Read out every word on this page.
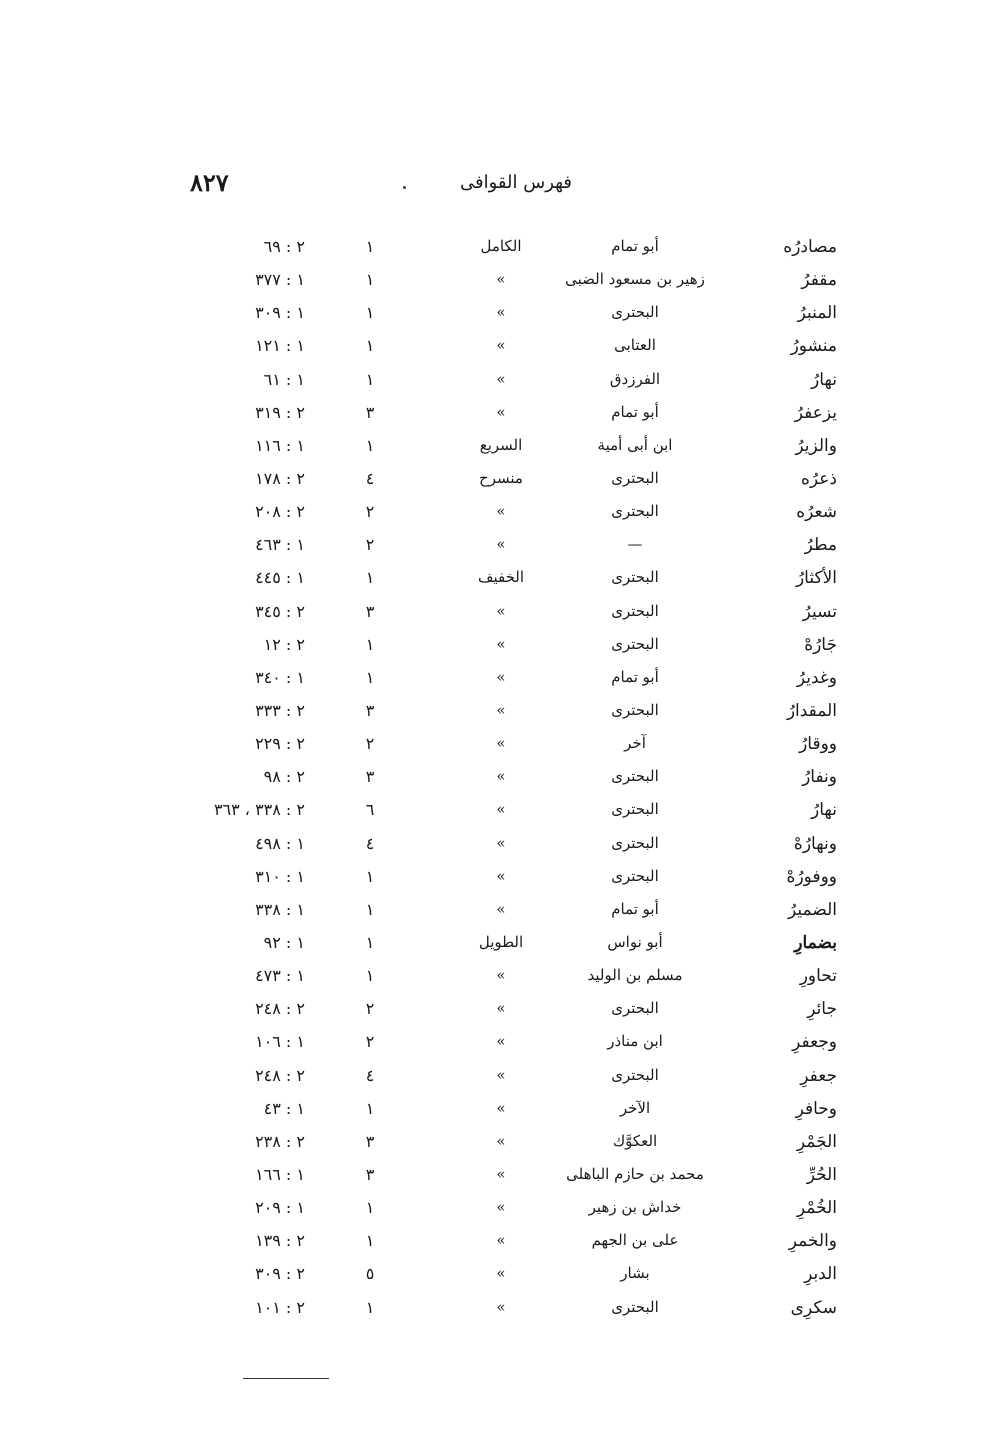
٨٢٧	فهرس القوافى
مصادرُه
أبو تمام
الكامل
١
٢ : ٦٩
مقفرُ
زهير بن مسعود الضبى
»
١
١ : ٣٧٧
المنبرُ
البحترى
»
١
١ : ٣٠٩
منشورُ
العتابى
»
١
١ : ١٢١
نهارُ
الفرزدق
»
١
١ : ٦١
يزعفرُ
أبو تمام
»
٣
٢ : ٣١٩
والزيرُ
ابن أبى أمية
السريع
١
١ : ١١٦
ذعرُه
البحترى
منسرح
٤
٢ : ١٧٨
شعرُه
البحترى
»
٢
٢ : ٢٠٨
مطرُ
—
»
٢
١ : ٤٦٣
الأكثارُ
البحترى
الخفيف
١
١ : ٤٤٥
تسيرُ
البحترى
»
٣
٢ : ٣٤٥
جَارُهْ
البحترى
»
١
٢ : ١٢
وغديرُ
أبو تمام
»
١
١ : ٣٤٠
المقدارُ
البحترى
»
٣
٢ : ٣٣٣
ووقارُ
آخر
»
٢
٢ : ٢٢٩
ونفارُ
البحترى
»
٣
٢ : ٩٨
نهارُ
البحترى
»
٦
٢ : ٣٣٨ ، ٣٦٣
ونهارُهْ
البحترى
»
٤
١ : ٤٩٨
ووفورُهْ
البحترى
»
١
١ : ٣١٠
الضميرُ
أبو تمام
»
١
١ : ٣٣٨
بضمارِ
أبو نواس
الطويل
١
١ : ٩٢
تحاورِ
مسلم بن الوليد
»
١
١ : ٤٧٣
جائرِ
البحترى
»
٢
٢ : ٢٤٨
وجعفرِ
ابن مناذر
»
٢
١ : ١٠٦
جعفرِ
البحترى
»
٤
٢ : ٢٤٨
وحافرِ
الآخر
»
١
١ : ٤٣
الجَمْرِ
العكوَّك
»
٣
٢ : ٢٣٨
الحُرِّ
محمد بن حازم الباهلى
»
٣
١ : ١٦٦
الخُمْرِ
خداش بن زهير
»
١
١ : ٢٠٩
والخمرِ
على بن الجهم
»
١
٢ : ١٣٩
الدبرِ
بشار
»
٥
٢ : ٣٠٩
سكرِى
البحترى
»
١
٢ : ١٠١
